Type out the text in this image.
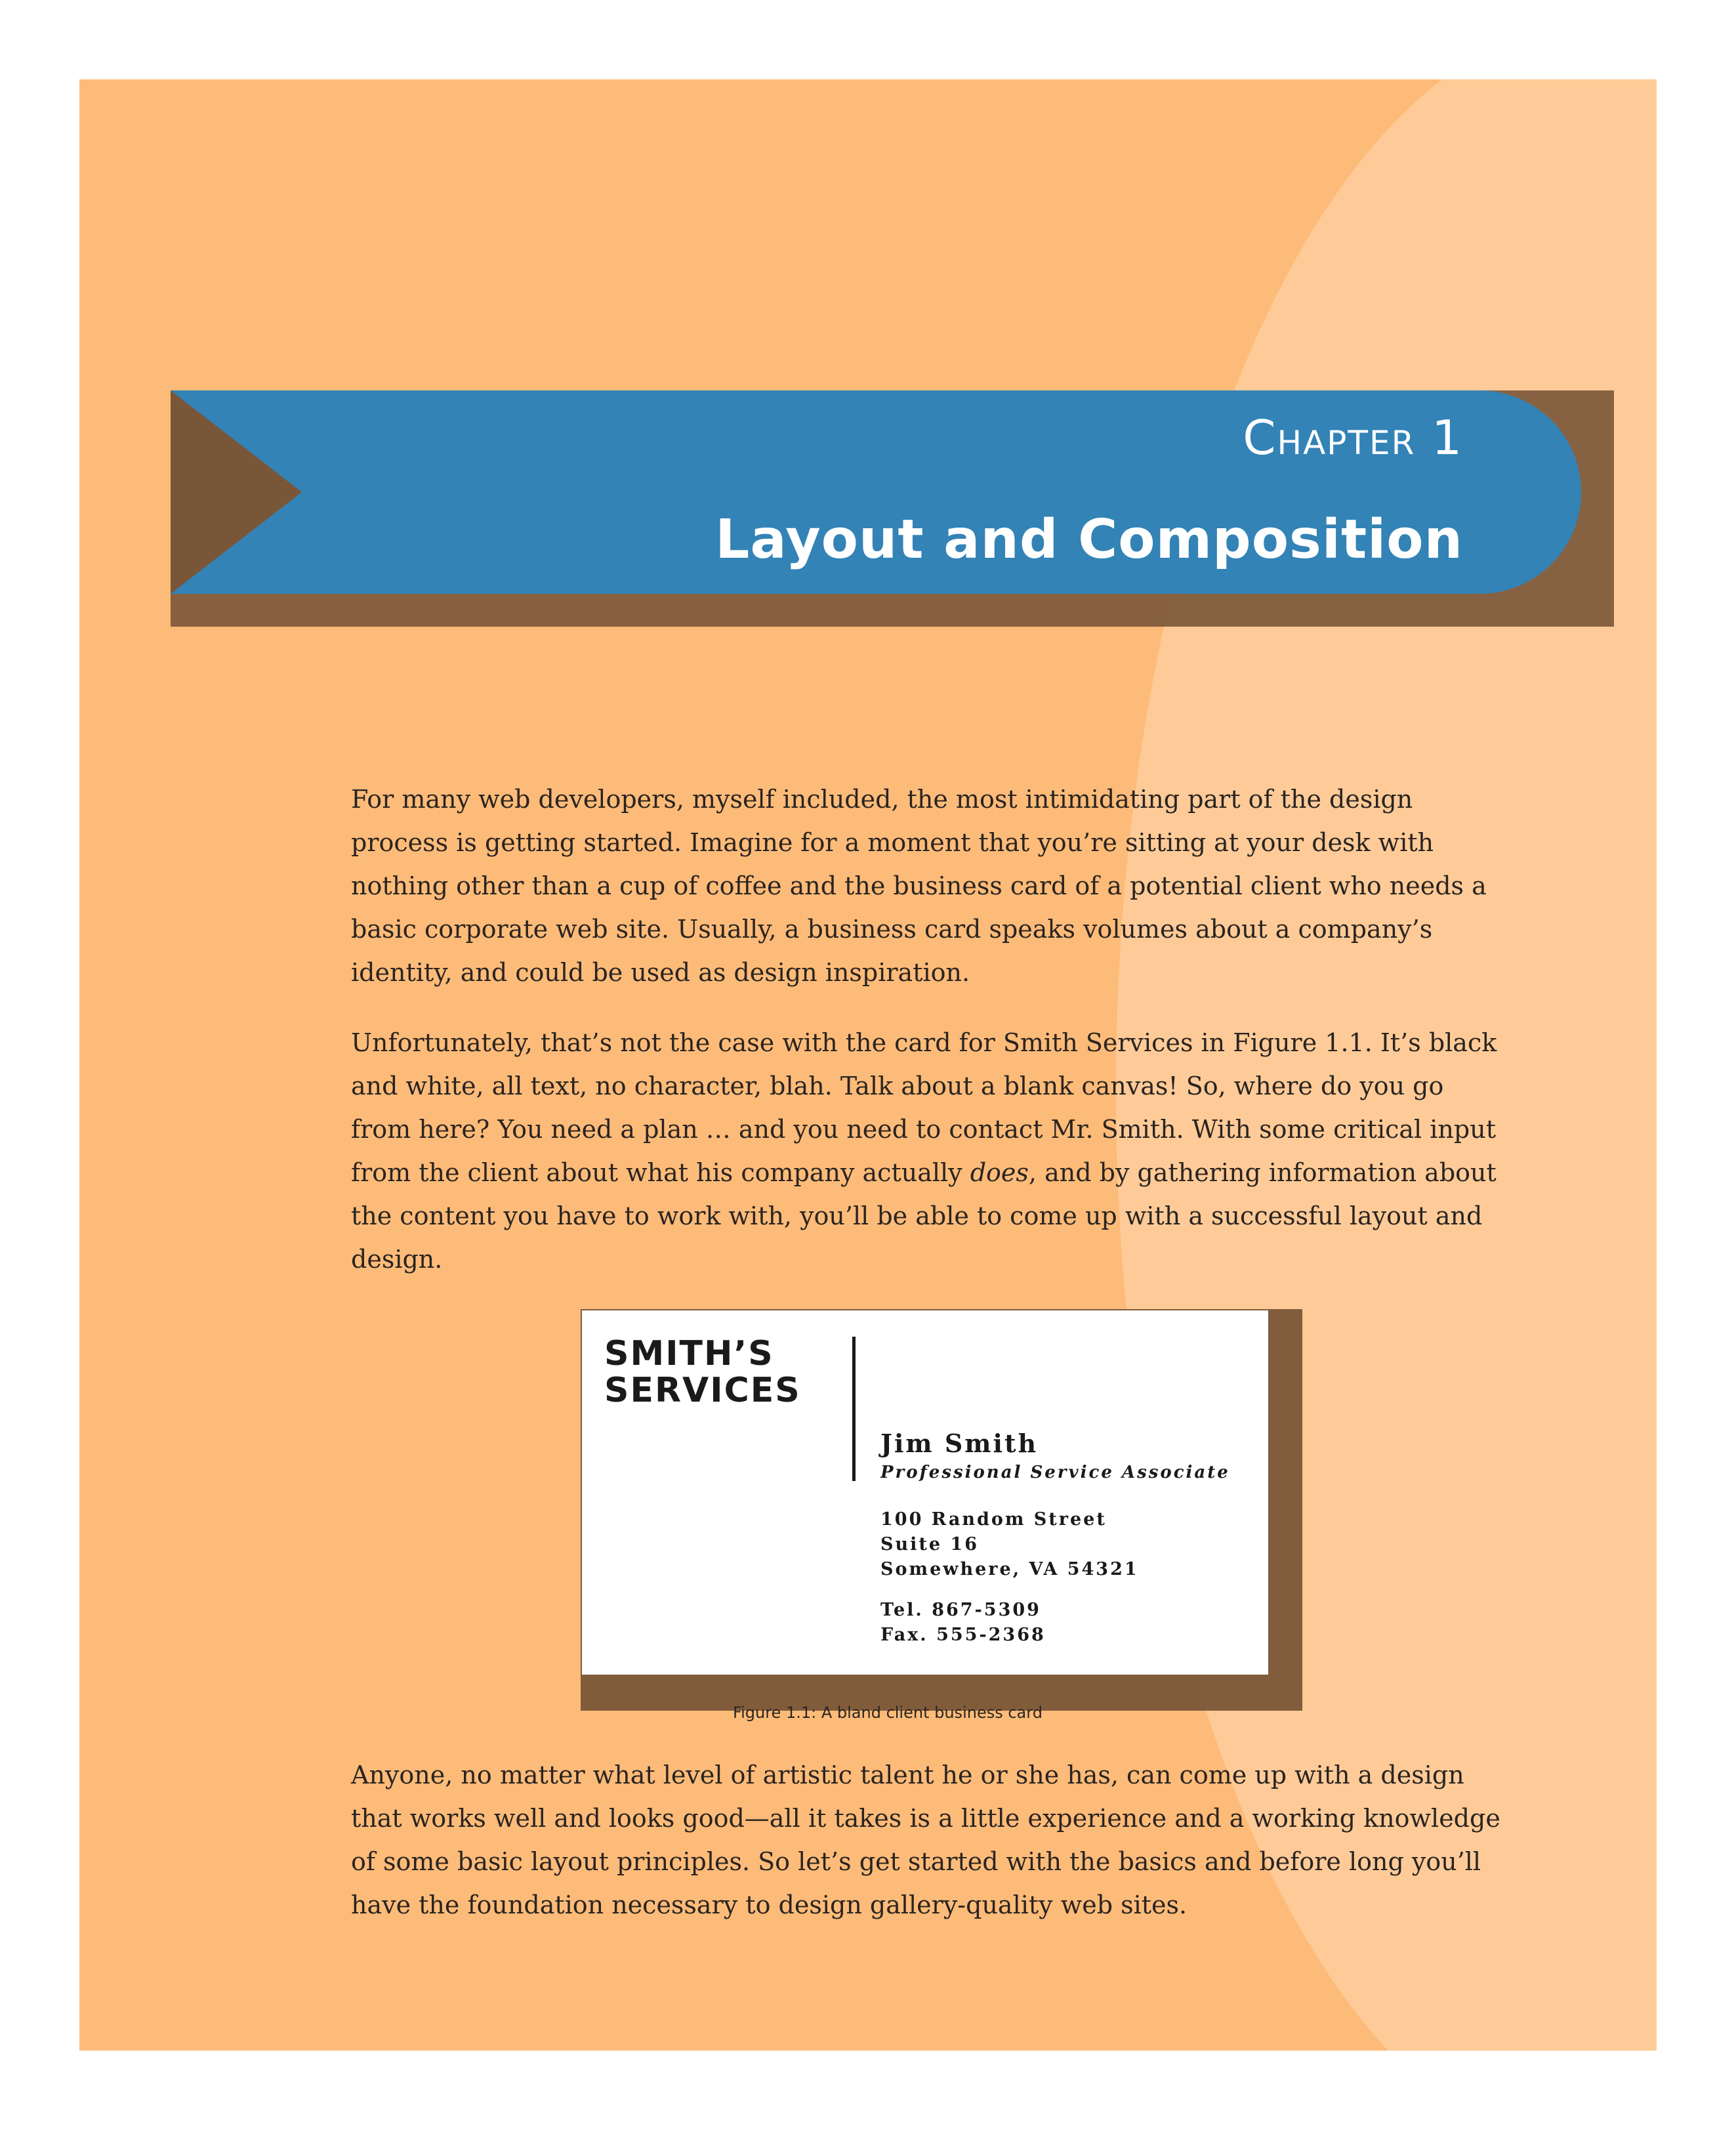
Chapter 1
Layout and Composition

For many web developers, myself included, the most intimidating part of the design process is getting started. Imagine for a moment that you’re sitting at your desk with nothing other than a cup of coffee and the business card of a potential client who needs a basic corporate web site. Usually, a business card speaks volumes about a company’s identity, and could be used as design inspiration.

Unfortunately, that’s not the case with the card for Smith Services in Figure 1.1. It’s black and white, all text, no character, blah. Talk about a blank canvas! So, where do you go from here? You need a plan … and you need to contact Mr. Smith. With some critical input from the client about what his company actually does, and by gathering information about the content you have to work with, you’ll be able to come up with a successful layout and design.

SMITH’S
SERVICES
Jim Smith
Professional Service Associate
100 Random Street
Suite 16
Somewhere, VA 54321
Tel. 867-5309
Fax. 555-2368
Figure 1.1: A bland client business card

Anyone, no matter what level of artistic talent he or she has, can come up with a design that works well and looks good—all it takes is a little experience and a working knowledge of some basic layout principles. So let’s get started with the basics and before long you’ll have the foundation necessary to design gallery-quality web sites.
